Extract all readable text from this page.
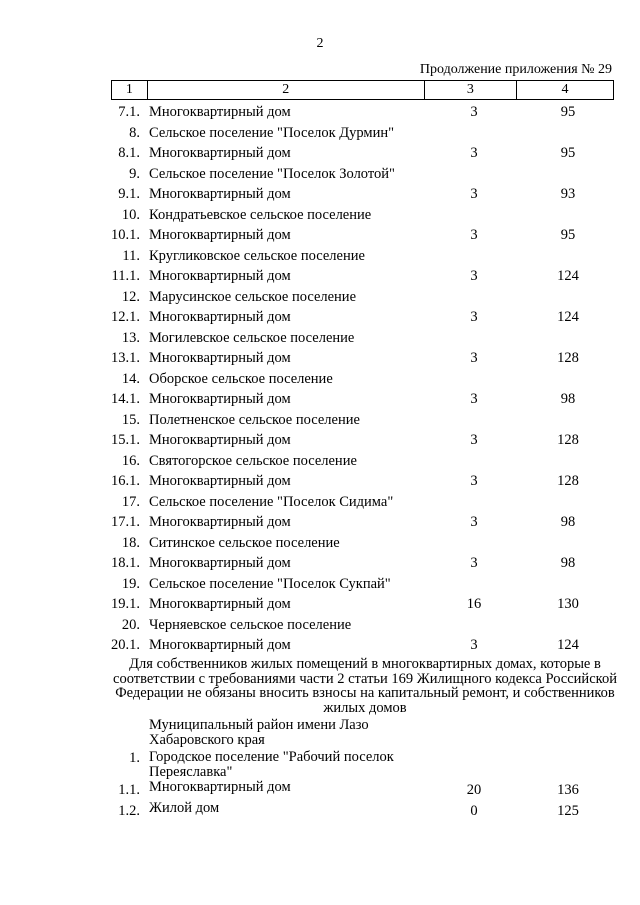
2
Продолжение приложения № 29
1	2	3	4
7.1. Многоквартирный дом	3	95
8. Сельское поселение "Поселок Дурмин"
8.1. Многоквартирный дом	3	95
9. Сельское поселение "Поселок Золотой"
9.1. Многоквартирный дом	3	93
10. Кондратьевское сельское поселение
10.1. Многоквартирный дом	3	95
11. Кругликовское сельское поселение
11.1. Многоквартирный дом	3	124
12. Марусинское сельское поселение
12.1. Многоквартирный дом	3	124
13. Могилевское сельское поселение
13.1. Многоквартирный дом	3	128
14. Оборское сельское поселение
14.1. Многоквартирный дом	3	98
15. Полетненское сельское поселение
15.1. Многоквартирный дом	3	128
16. Святогорское сельское поселение
16.1. Многоквартирный дом	3	128
17. Сельское поселение "Поселок Сидима"
17.1. Многоквартирный дом	3	98
18. Ситинское сельское поселение
18.1. Многоквартирный дом	3	98
19. Сельское поселение "Поселок Сукпай"
19.1. Многоквартирный дом	16	130
20. Черняевское сельское поселение
20.1. Многоквартирный дом	3	124
Для собственников жилых помещений в многоквартирных домах, которые в соответствии с требованиями части 2 статьи 169 Жилищного кодекса Российской Федерации не обязаны вносить взносы на капитальный ремонт, и собственников жилых домов
Муниципальный район имени Лазо Хабаровского края
1. Городское поселение "Рабочий поселок Переяславка"
1.1. Многоквартирный дом	20	136
1.2. Жилой дом	0	125
